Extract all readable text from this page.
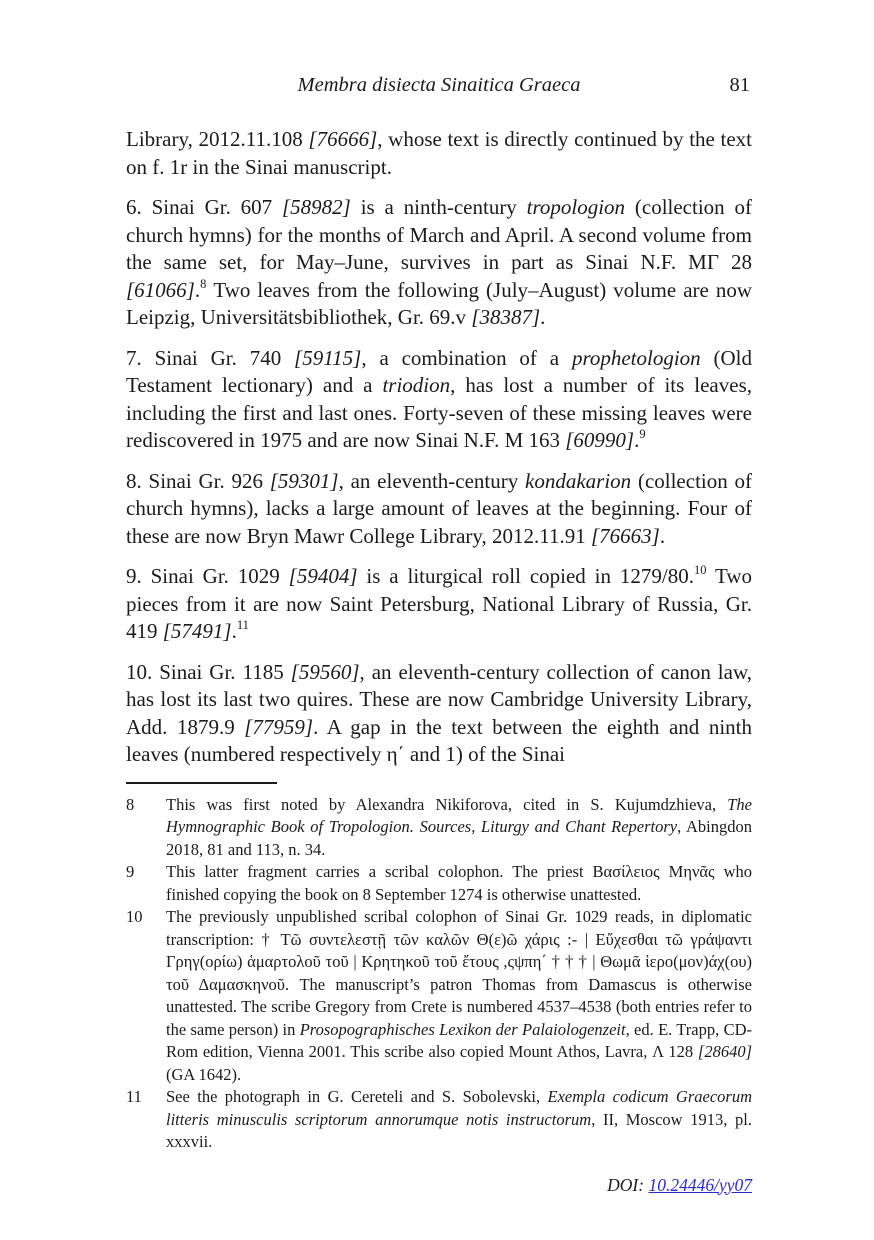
Membra disiecta Sinaitica Graeca	81

Library, 2012.11.108 [76666], whose text is directly continued by the text on f. 1r in the Sinai manuscript.

6. Sinai Gr. 607 [58982] is a ninth-century tropologion (collection of church hymns) for the months of March and April. A second volume from the same set, for May–June, survives in part as Sinai N.F. ΜΓ 28 [61066].$^8$ Two leaves from the following (July–August) volume are now Leipzig, Universitätsbibliothek, Gr. 69.v [38387].

7. Sinai Gr. 740 [59115], a combination of a prophetologion (Old Testament lectionary) and a triodion, has lost a number of its leaves, including the first and last ones. Forty-seven of these missing leaves were rediscovered in 1975 and are now Sinai N.F. M 163 [60990].$^9$

8. Sinai Gr. 926 [59301], an eleventh-century kondakarion (collection of church hymns), lacks a large amount of leaves at the beginning. Four of these are now Bryn Mawr College Library, 2012.11.91 [76663].

9. Sinai Gr. 1029 [59404] is a liturgical roll copied in 1279/80.10 Two pieces from it are now Saint Petersburg, National Library of Russia, Gr. 419 [57491].$^{11}$

10. Sinai Gr. 1185 [59560], an eleventh-century collection of canon law, has lost its last two quires. These are now Cambridge University Library, Add. 1879.9 [77959]. A gap in the text between the eighth and ninth leaves (numbered respectively η΄ and 1) of the Sinai

8	This was first noted by Alexandra Nikiforova, cited in S. Kujumdzhieva, The Hymnographic Book of Tropologion. Sources, Liturgy and Chant Repertory, Abingdon 2018, 81 and 113, n. 34.
9	This latter fragment carries a scribal colophon. The priest Βασίλειος Μηνᾶς who finished copying the book on 8 September 1274 is otherwise unattested.
10	The previously unpublished scribal colophon of Sinai Gr. 1029 reads, in diplomatic transcription: † Τῶ συντελεστῇ τῶν καλῶν Θ(ε)ῶ χάρις :- | Εὔχεσθαι τῶ γράψαντι Γρηγ(ορίω) ἁμαρτολοῦ τοῦ | Κρητηκοῦ τοῦ ἔτους ,ςψπη΄ † † † | Θωμᾶ ἱερο(μον)άχ(ου) τοῦ Δαμασκηνοῦ. The manuscript’s patron Thomas from Damascus is otherwise unattested. The scribe Gregory from Crete is numbered 4537–4538 (both entries refer to the same person) in Prosopographisches Lexikon der Palaiologenzeit, ed. E. Trapp, CD-Rom edition, Vienna 2001. This scribe also copied Mount Athos, Lavra, Λ 128 [28640] (GA 1642).
11	See the photograph in G. Cereteli and S. Sobolevski, Exempla codicum Graecorum litteris minusculis scriptorum annorumque notis instructorum, II, Moscow 1913, pl. xxxvii.
DOI: 10.24446/yy07
